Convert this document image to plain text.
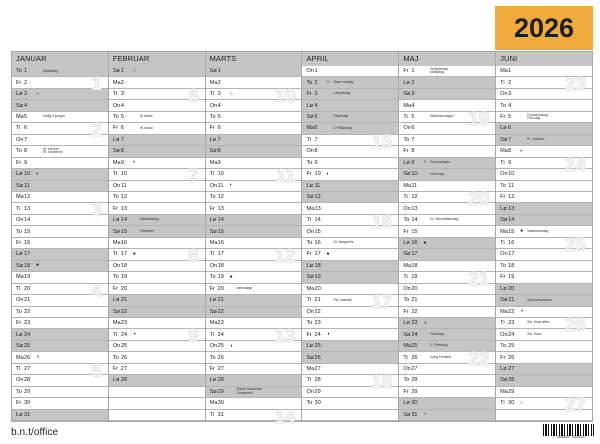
2026
JANUAR
To 1	Nytårsdag
Fr 2
Lø 3	○
Sø 4
Ma 5	Hellig 3 konger
Ti 6
On 7
To 8	Ift. Vincent
Ift. Josephine
Fr 9
Lø 10	◐
Sø 11
Ma 12
Ti 13
On 14
To 15
Fr 16
Lø 17
Sø 18	●
Ma 19
Ti 20
On 21
To 22
Fr 23
Lø 24
Sø 25
Ma 26	◑
Ti 27
On 28
To 29
Fr 30
Lø 31
1
2
3
4
5
FEBRUAR
Sø 1	○
Ma 2
Ti 3
On 4
To 5	Ift. Marie
Fr 6	Ift. Kasia
Lø 7
Sø 8
Ma 9	◐
Ti 10
On 11
To 12
Fr 13
Lø 14	Valentinsdag
Sø 15	Fastelavn
Ma 16
Ti 17	●
On 18
To 19
Fr 20
Lø 21
Sø 22
Ma 23
Ti 24	◑
On 25
To 26
Fr 27
Lø 28
6
7
8
9
MARTS
Sø 1
Ma 2
Ti 3	○
On 4
To 5
Fr 6
Lø 7
Sø 8
Ma 9
Ti 10
On 11	◐
To 12
Fr 13
Lø 14
Sø 15
Ma 16
Ti 17
On 18
To 19	●
Fr 20	Jævndøgn
Lø 21
Sø 22
Ma 23
Ti 24
On 25	◑
To 26
Fr 27
Lø 28
Sø 29	Mariæ bebudelse
Sommertid
Ma 30
Ti 31
10
11
12
13
14
APRIL
On 1
To 2	○	Skær torsdag
Fr 3	Langfredag
Lø 4
Sø 5	Påskedag
Ma 6	2. Påskedag
Ti 7
On 8
To 9
Fr 10	◐
Lø 11
Sø 12
Ma 13
Ti 14
On 15
To 16	Dr. Margrethe
Fr 17	●
Lø 18
Sø 19
Ma 20
Ti 21	Pfs. Isabella
On 22
To 23
Fr 24	◑
Lø 25
Sø 26
Ma 27
Ti 28
On 29
To 30
15
16
17
18
MAJ
Fr 1	Arbejdernes
kampdag
Lø 2
Sø 3
Ma 4
Ti 5	Befrielsesdagen
On 6
To 7
Fr 8
Lø 9	○	Europadagen
Sø 10	Mors dag
Ma 11
Ti 12
On 13
To 14	Kr. Himmelfartsdag
Fr 15
Lø 16	●
Sø 17
Ma 18
Ti 19
On 20
To 21
Fr 22
Lø 23	◑
Sø 24	Pinsedag
Ma 25	2. Pinsedag
Ti 26	Kong Frederik
On 27
To 28
Fr 29
Lø 30
Sø 31	○
19
20
21
22
JUNI
Ma 1
Ti 2
On 3
To 4
Fr 5	Grundlovsdag
Fars dag
Lø 6
Sø 7	Pr. Joachim
Ma 8	◐
Ti 9
On 10
To 11
Fr 12
Lø 13
Sø 14
Ma 15	●	Valdemarsdag
Ti 16
On 17
To 18
Fr 19
Lø 20
Sø 21	Sommersolhverv
Ma 22	◑
Ti 23	Skt. Hans aften
On 24	Skt. Hans
To 25
Fr 26
Lø 27
Sø 28
Ma 29
Ti 30	○
23
24
25
26
27
b.n.t/office	7 392883 332420
